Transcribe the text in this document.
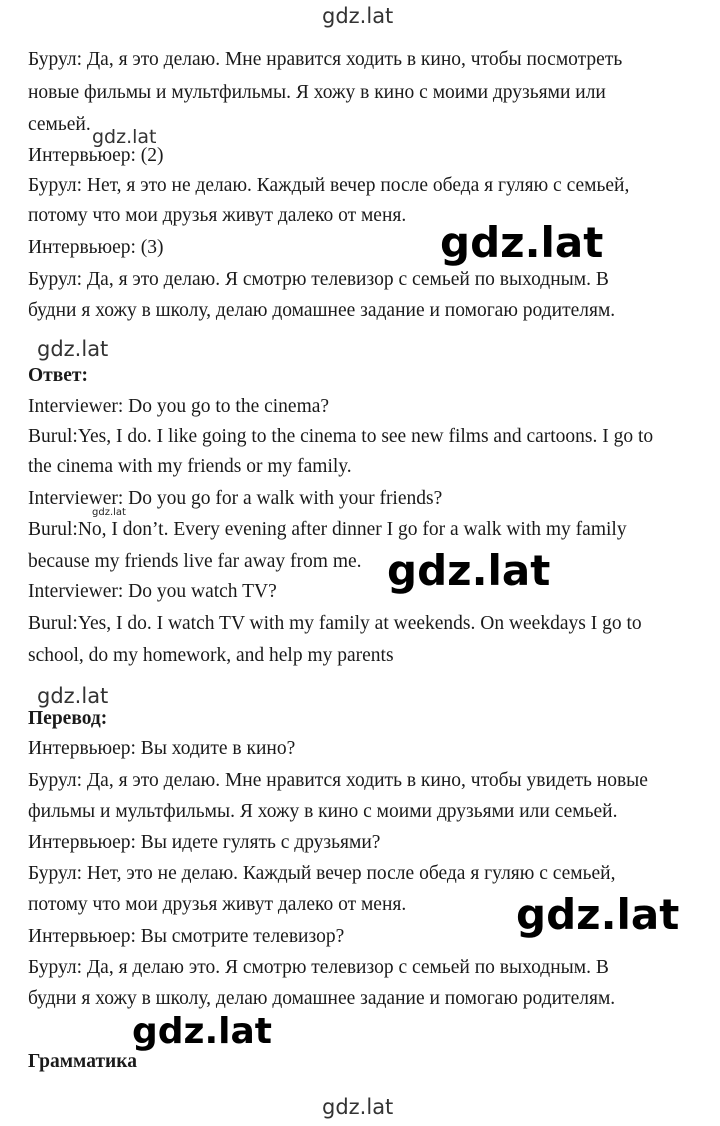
gdz.lat
gdz.lat
gdz.lat
gdz.lat
gdz.lat
gdz.lat
gdz.lat
gdz.lat
gdz.lat
gdz.lat
Бурул: Да, я это делаю. Мне нравится ходить в кино, чтобы посмотреть
новые фильмы и мультфильмы. Я хожу в кино с моими друзьями или
семьей.
Интервьюер: (2)
Бурул: Нет, я это не делаю. Каждый вечер после обеда я гуляю с семьей,
потому что мои друзья живут далеко от меня.
Интервьюер: (3)
Бурул: Да, я это делаю. Я смотрю телевизор с семьей по выходным. В
будни я хожу в школу, делаю домашнее задание и помогаю родителям.
Ответ:
Interviewer: Do you go to the cinema?
Burul:Yes, I do. I like going to the cinema to see new films and cartoons. I go to
the cinema with my friends or my family.
Interviewer: Do you go for a walk with your friends?
Burul:No, I don’t. Every evening after dinner I go for a walk with my family
because my friends live far away from me.
Interviewer: Do you watch TV?
Burul:Yes, I do. I watch TV with my family at weekends. On weekdays I go to
school, do my homework, and help my parents
Перевод:
Интервьюер: Вы ходите в кино?
Бурул: Да, я это делаю. Мне нравится ходить в кино, чтобы увидеть новые
фильмы и мультфильмы. Я хожу в кино с моими друзьями или семьей.
Интервьюер: Вы идете гулять с друзьями?
Бурул: Нет, это не делаю. Каждый вечер после обеда я гуляю с семьей,
потому что мои друзья живут далеко от меня.
Интервьюер: Вы смотрите телевизор?
Бурул: Да, я делаю это. Я смотрю телевизор с семьей по выходным. В
будни я хожу в школу, делаю домашнее задание и помогаю родителям.
Грамматика
